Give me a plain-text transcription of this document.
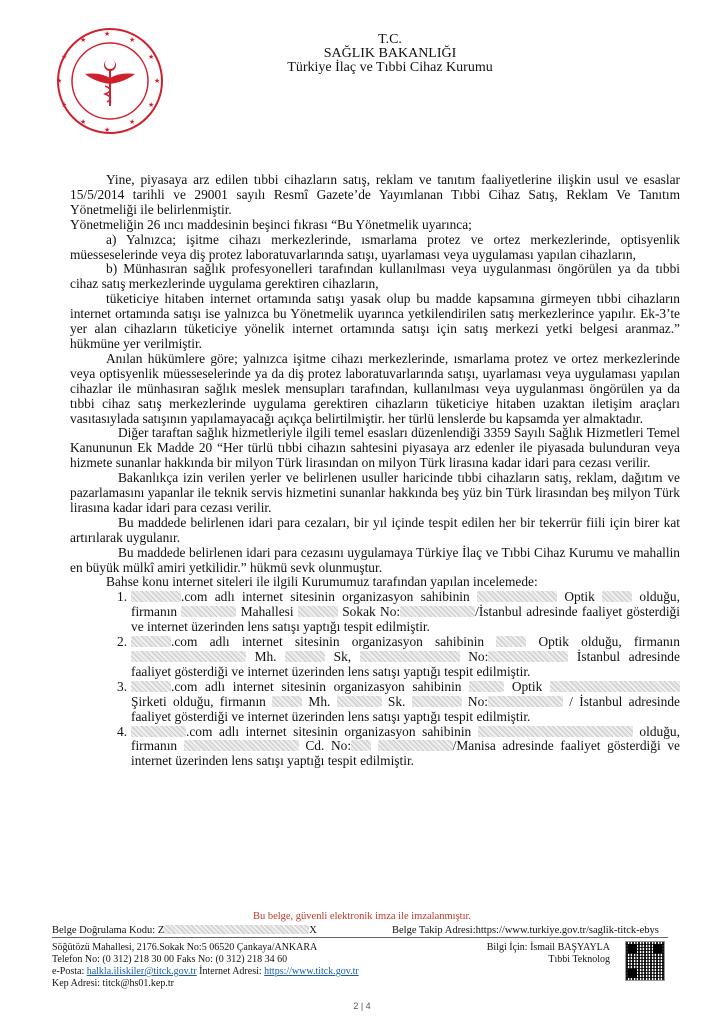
★
★
★
★
★
★
★
★
★
★
★
★	T.C.
SAĞLIK BAKANLIĞI
Türkiye İlaç ve Tıbbi Cihaz Kurumu

Yine, piyasaya arz edilen tıbbi cihazların satış, reklam ve tanıtım faaliyetlerine ilişkin usul ve esaslar 15/5/2014 tarihli ve 29001 sayılı Resmî Gazete’de Yayımlanan Tıbbi Cihaz Satış, Reklam Ve Tanıtım Yönetmeliği ile belirlenmiştir.

Yönetmeliğin 26 ıncı maddesinin beşinci fıkrası “Bu Yönetmelik uyarınca;

a) Yalnızca; işitme cihazı merkezlerinde, ısmarlama protez ve ortez merkezlerinde, optisyenlik müesseselerinde veya diş protez laboratuvarlarında satışı, uyarlaması veya uygulaması yapılan cihazların,

b) Münhasıran sağlık profesyonelleri tarafından kullanılması veya uygulanması öngörülen ya da tıbbi cihaz satış merkezlerinde uygulama gerektiren cihazların,

tüketiciye hitaben internet ortamında satışı yasak olup bu madde kapsamına girmeyen tıbbi cihazların internet ortamında satışı ise yalnızca bu Yönetmelik uyarınca yetkilendirilen satış merkezlerince yapılır. Ek-3’te yer alan cihazların tüketiciye yönelik internet ortamında satışı için satış merkezi yetki belgesi aranmaz.” hükmüne yer verilmiştir.

Anılan hükümlere göre; yalnızca işitme cihazı merkezlerinde, ısmarlama protez ve ortez merkezlerinde veya optisyenlik müesseselerinde ya da diş protez laboratuvarlarında satışı, uyarlaması veya uygulaması yapılan cihazlar ile münhasıran sağlık meslek mensupları tarafından, kullanılması veya uygulanması öngörülen ya da tıbbi cihaz satış merkezlerinde uygulama gerektiren cihazların tüketiciye hitaben uzaktan iletişim araçları vasıtasıylada satışının yapılamayacağı açıkça belirtilmiştir. her türlü lenslerde bu kapsamda yer almaktadır.

Diğer taraftan sağlık hizmetleriyle ilgili temel esasları düzenlendiği 3359 Sayılı Sağlık Hizmetleri Temel Kanununun Ek Madde 20 “Her türlü tıbbi cihazın sahtesini piyasaya arz edenler ile piyasada bulunduran veya hizmete sunanlar hakkında bir milyon Türk lirasından on milyon Türk lirasına kadar idari para cezası verilir.

Bakanlıkça izin verilen yerler ve belirlenen usuller haricinde tıbbi cihazların satış, reklam, dağıtım ve pazarlamasını yapanlar ile teknik servis hizmetini sunanlar hakkında beş yüz bin Türk lirasından beş milyon Türk lirasına kadar idari para cezası verilir.

Bu maddede belirlenen idari para cezaları, bir yıl içinde tespit edilen her bir tekerrür fiili için birer kat artırılarak uygulanır.

Bu maddede belirlenen idari para cezasını uygulamaya Türkiye İlaç ve Tıbbi Cihaz Kurumu ve mahallin en büyük mülkî amiri yetkilidir.” hükmü sevk olunmuştur.

Bahse konu internet siteleri ile ilgili Kurumumuz tarafından yapılan incelemede:

1.	.com adlı internet sitesinin organizasyon sahibinin	Optik	olduğu, firmanın	Mahallesi	Sokak No:	/İstanbul adresinde faaliyet gösterdiği ve internet üzerinden lens satışı yaptığı tespit edilmiştir.
2.	.com adlı internet sitesinin organizasyon sahibinin	Optik olduğu, firmanın  Mh.	Sk,	No:	İstanbul adresinde faaliyet gösterdiği ve internet üzerinden lens satışı yaptığı tespit edilmiştir.
3.	.com adlı internet sitesinin organizasyon sahibinin	Optik  Şirketi olduğu, firmanın	Mh.	Sk.	No:	/ İstanbul adresinde faaliyet gösterdiği ve internet üzerinden lens satışı yaptığı tespit edilmiştir.
4.	.com adlı internet sitesinin organizasyon sahibinin	olduğu, firmanın	Cd. No:	/Manisa adresinde faaliyet gösterdiği ve internet üzerinden lens satışı yaptığı tespit edilmiştir.
Bu belge, güvenli elektronik imza ile imzalanmıştır.
Belge Doğrulama Kodu: Z	X	Belge Takip Adresi:https://www.turkiye.gov.tr/saglik-titck-ebys
Söğütözü Mahallesi, 2176.Sokak No:5 06520 Çankaya/ANKARA
Telefon No: (0 312) 218 30 00 Faks No: (0 312) 218 34 60
e-Posta: halkla.iliskiler@titck.gov.tr İnternet Adresi: https://www.titck.gov.tr
Kep Adresi: titck@hs01.kep.tr
Bilgi İçin: İsmail BAŞYAYLA
Tıbbi Teknolog
2 | 4
